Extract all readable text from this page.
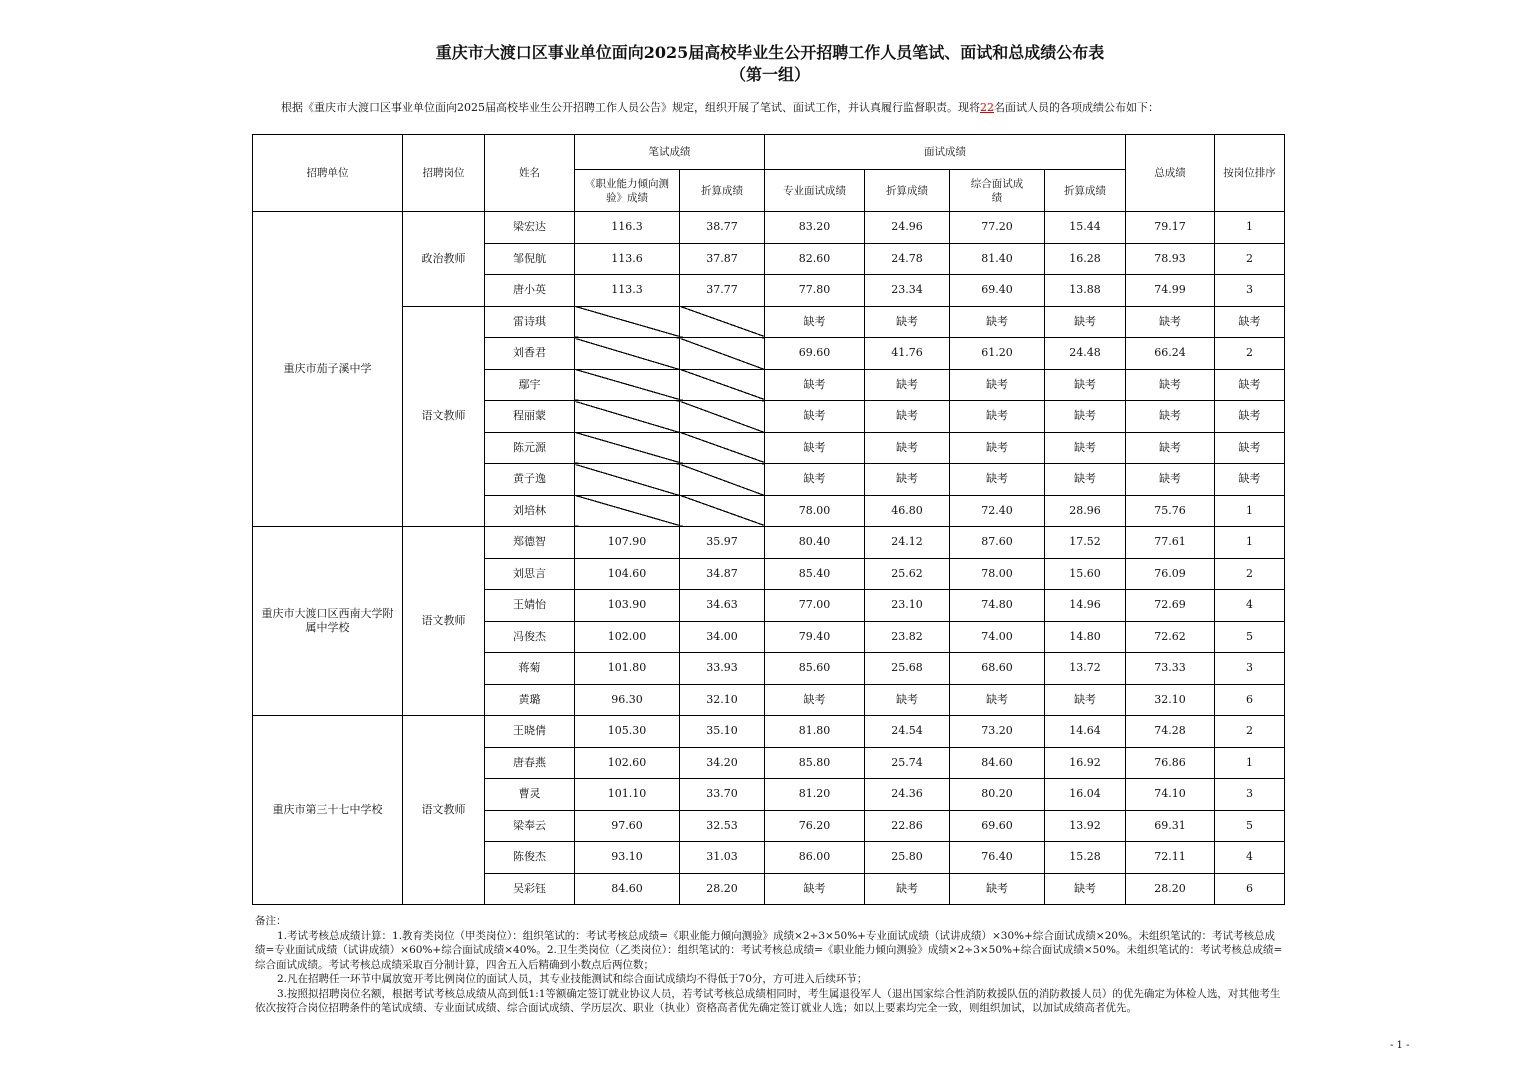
重庆市大渡口区事业单位面向2025届高校毕业生公开招聘工作人员笔试、面试和总成绩公布表
（第一组）
根据《重庆市大渡口区事业单位面向2025届高校毕业生公开招聘工作人员公告》规定，组织开展了笔试、面试工作，并认真履行监督职责。现将22名面试人员的各项成绩公布如下：
招聘单位	招聘岗位	姓名	笔试成绩		面试成绩				总成绩	按岗位排序
			《职业能力倾向测验》成绩	折算成绩	专业面试成绩	折算成绩	综合面试成绩	折算成绩		
重庆市茄子溪中学	政治教师	梁宏达	116.3	38.77	83.20	24.96	77.20	15.44	79.17	1
		邹倪航	113.6	37.87	82.60	24.78	81.40	16.28	78.93	2
		唐小英	113.3	37.77	77.80	23.34	69.40	13.88	74.99	3
	语文教师	雷诗琪			缺考	缺考	缺考	缺考	缺考	缺考
		刘香君			69.60	41.76	61.20	24.48	66.24	2
		鄢宇			缺考	缺考	缺考	缺考	缺考	缺考
		程丽蒙			缺考	缺考	缺考	缺考	缺考	缺考
		陈元源			缺考	缺考	缺考	缺考	缺考	缺考
		黄子逸			缺考	缺考	缺考	缺考	缺考	缺考
		刘培林			78.00	46.80	72.40	28.96	75.76	1
重庆市大渡口区西南大学附属中学校	语文教师	郑德智	107.90	35.97	80.40	24.12	87.60	17.52	77.61	1
		刘思言	104.60	34.87	85.40	25.62	78.00	15.60	76.09	2
		王婧怡	103.90	34.63	77.00	23.10	74.80	14.96	72.69	4
		冯俊杰	102.00	34.00	79.40	23.82	74.00	14.80	72.62	5
		蒋菊	101.80	33.93	85.60	25.68	68.60	13.72	73.33	3
		黄璐	96.30	32.10	缺考	缺考	缺考	缺考	32.10	6
重庆市第三十七中学校	语文教师	王晓倩	105.30	35.10	81.80	24.54	73.20	14.64	74.28	2
		唐春燕	102.60	34.20	85.80	25.74	84.60	16.92	76.86	1
		曹灵	101.10	33.70	81.20	24.36	80.20	16.04	74.10	3
		梁奉云	97.60	32.53	76.20	22.86	69.60	13.92	69.31	5
		陈俊杰	93.10	31.03	86.00	25.80	76.40	15.28	72.11	4
		吴彩钰	84.60	28.20	缺考	缺考	缺考	缺考	28.20	6

备注：

1.考试考核总成绩计算：1.教育类岗位（甲类岗位）：组织笔试的：考试考核总成绩=《职业能力倾向测验》成绩×2÷3×50%+专业面试成绩（试讲成绩）×30%+综合面试成绩×20%。未组织笔试的：考试考核总成绩=专业面试成绩（试讲成绩）×60%+综合面试成绩×40%。2.卫生类岗位（乙类岗位）：组织笔试的：考试考核总成绩=《职业能力倾向测验》成绩×2÷3×50%+综合面试成绩×50%。未组织笔试的：考试考核总成绩=综合面试成绩。考试考核总成绩采取百分制计算，四舍五入后精确到小数点后两位数；

2.凡在招聘任一环节中属放宽开考比例岗位的面试人员，其专业技能测试和综合面试成绩均不得低于70分，方可进入后续环节；

3.按照拟招聘岗位名额，根据考试考核总成绩从高到低1:1等额确定签订就业协议人员，若考试考核总成绩相同时，考生属退役军人（退出国家综合性消防救援队伍的消防救援人员）的优先确定为体检人选，对其他考生依次按符合岗位招聘条件的笔试成绩、专业面试成绩、综合面试成绩、学历层次、职业（执业）资格高者优先确定签订就业人选；如以上要素均完全一致，则组织加试，以加试成绩高者优先。

- 1 -
